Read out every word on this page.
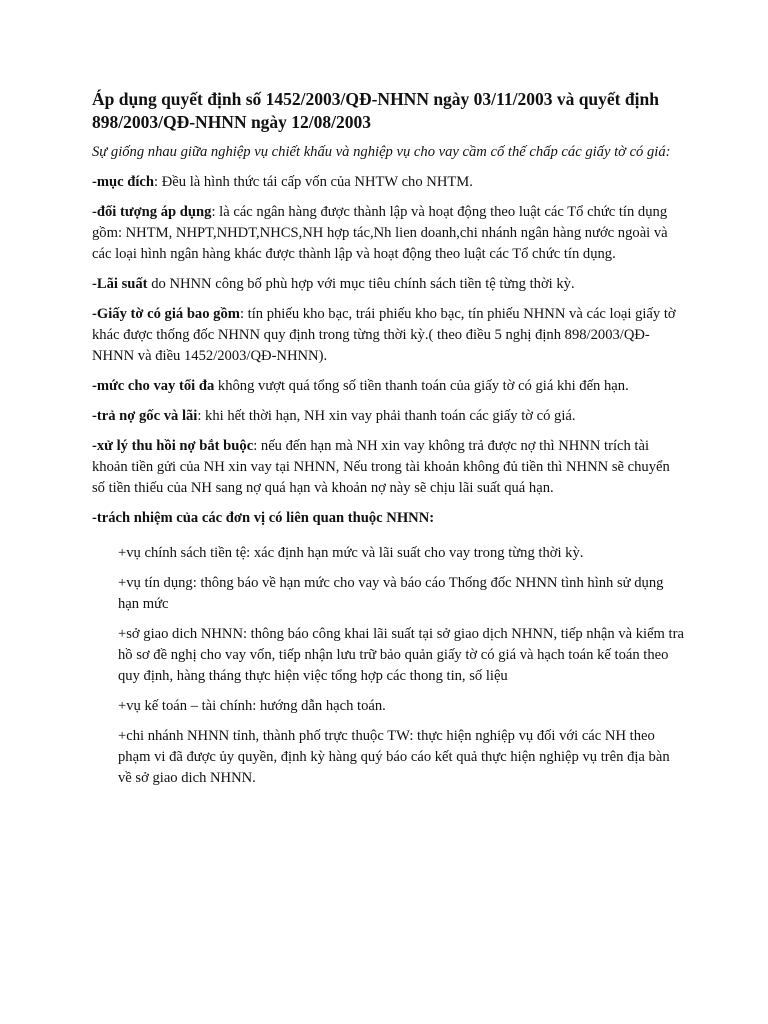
Áp dụng quyết định số 1452/2003/QĐ-NHNN ngày 03/11/2003 và quyết định 898/2003/QĐ-NHNN ngày 12/08/2003
Sự giống nhau giữa nghiệp vụ chiết khấu và nghiệp vụ cho vay cầm cố thế chấp các giấy tờ có giá:
-mục đích: Đều là hình thức tái cấp vốn của NHTW cho NHTM.
-đối tượng áp dụng: là các ngân hàng được thành lập và hoạt động theo luật các Tổ chức tín dụng gồm: NHTM, NHPT,NHDT,NHCS,NH hợp tác,Nh lien doanh,chi nhánh ngân hàng nước ngoài và các loại hình ngân hàng khác được thành lập và hoạt động theo luật các Tổ chức tín dụng.
-Lãi suất do NHNN công bố phù hợp với mục tiêu chính sách tiền tệ từng thời kỳ.
-Giấy tờ có giá bao gồm: tín phiếu kho bạc, trái phiếu kho bạc, tín phiếu NHNN và các loại giấy tờ khác được thống đốc NHNN quy định trong từng thời kỳ.( theo điều 5 nghị định 898/2003/QĐ-NHNN và điều 1452/2003/QĐ-NHNN).
-mức cho vay tối đa không vượt quá tổng số tiền thanh toán của giấy tờ có giá khi đến hạn.
-trả nợ gốc và lãi: khi hết thời hạn, NH xin vay phải thanh toán các giấy tờ có giá.
-xử lý thu hồi nợ bắt buộc: nếu đến hạn mà NH xin vay không trả được nợ thì NHNN trích tài khoản tiền gửi của NH xin vay tại NHNN, Nếu trong tài khoản không đủ tiền thì NHNN sẽ chuyển số tiền thiếu của NH sang nợ quá hạn và khoản nợ này sẽ chịu lãi suất quá hạn.
-trách nhiệm của các đơn vị có liên quan thuộc NHNN:
+vụ chính sách tiền tệ: xác định hạn mức và lãi suất cho vay trong từng thời kỳ.
+vụ tín dụng: thông báo về hạn mức cho vay và báo cáo Thống đốc NHNN tình hình sử dụng hạn mức
+sở giao dich NHNN: thông báo công khai lãi suất tại sở giao dịch NHNN, tiếp nhận và kiểm tra hồ sơ đề nghị cho vay vốn, tiếp nhận lưu trữ bảo quản giấy tờ có giá và hạch toán kế toán theo quy định, hàng tháng thực hiện việc tổng hợp các thong tin, số liệu
+vụ kế toán – tài chính: hướng dẫn hạch toán.
+chi nhánh NHNN tỉnh, thành phố trực thuộc TW: thực hiện nghiệp vụ đối với các NH theo phạm vi đã được ủy quyền, định kỳ hàng quý báo cáo kết quả thực hiện nghiệp vụ trên địa bàn về sở giao dich NHNN.
